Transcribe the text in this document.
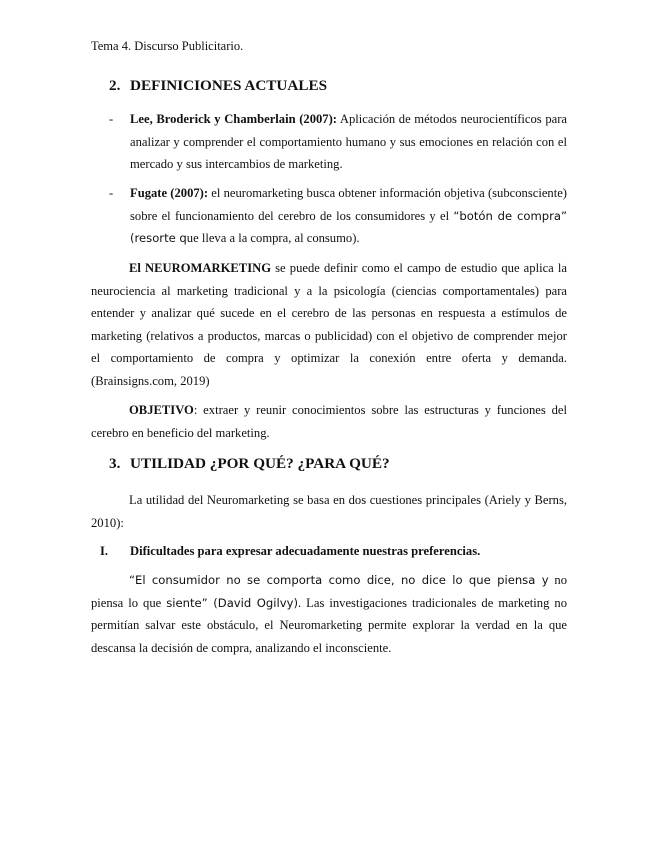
Tema 4. Discurso Publicitario.
2. DEFINICIONES ACTUALES
- Lee, Broderick y Chamberlain (2007): Aplicación de métodos neurocientíficos para analizar y comprender el comportamiento humano y sus emociones en relación con el mercado y sus intercambios de marketing.
- Fugate (2007): el neuromarketing busca obtener información objetiva (subconsciente) sobre el funcionamiento del cerebro de los consumidores y el “botón de compra” (resorte que lleva a la compra, al consumo).
El NEUROMARKETING se puede definir como el campo de estudio que aplica la neurociencia al marketing tradicional y a la psicología (ciencias comportamentales) para entender y analizar qué sucede en el cerebro de las personas en respuesta a estímulos de marketing (relativos a productos, marcas o publicidad) con el objetivo de comprender mejor el comportamiento de compra y optimizar la conexión entre oferta y demanda. (Brainsigns.com, 2019)
OBJETIVO: extraer y reunir conocimientos sobre las estructuras y funciones del cerebro en beneficio del marketing.
3. UTILIDAD ¿POR QUÉ? ¿PARA QUÉ?
La utilidad del Neuromarketing se basa en dos cuestiones principales (Ariely y Berns, 2010):
I. Dificultades para expresar adecuadamente nuestras preferencias.
“El consumidor no se comporta como dice, no dice lo que piensa y no piensa lo que siente” (David Ogilvy). Las investigaciones tradicionales de marketing no permitían salvar este obstáculo, el Neuromarketing permite explorar la verdad en la que descansa la decisión de compra, analizando el inconsciente.
